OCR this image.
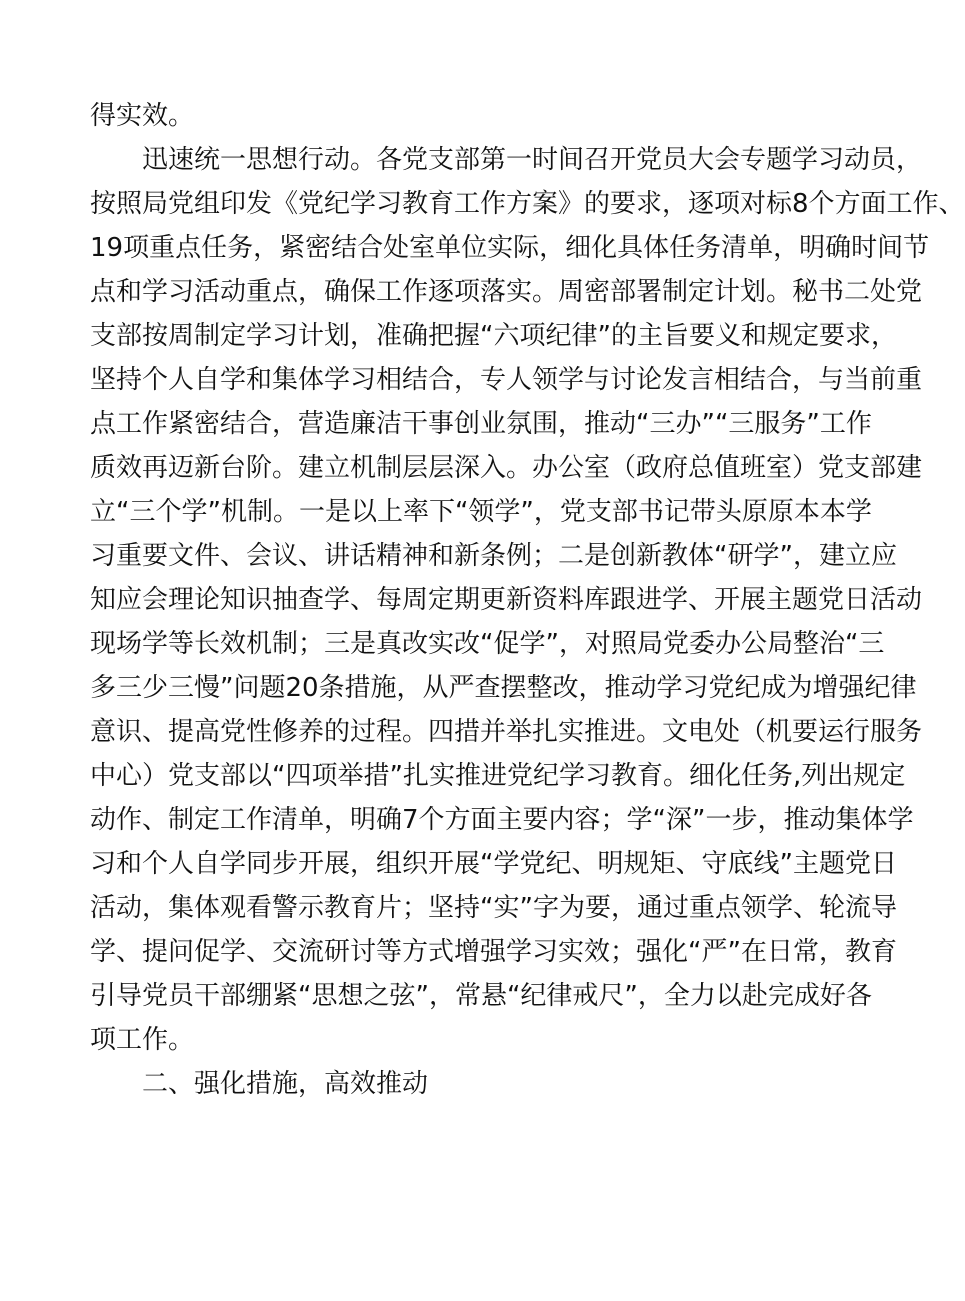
得实效。
迅速统一思想行动。各党支部第一时间召开党员大会专题学习动员，
按照局党组印发《党纪学习教育工作方案》的要求，逐项对标8个方面工作、
19项重点任务，紧密结合处室单位实际，细化具体任务清单，明确时间节
点和学习活动重点，确保工作逐项落实。周密部署制定计划。秘书二处党
支部按周制定学习计划，准确把握“六项纪律”的主旨要义和规定要求，
坚持个人自学和集体学习相结合，专人领学与讨论发言相结合，与当前重
点工作紧密结合，营造廉洁干事创业氛围，推动“三办”“三服务”工作
质效再迈新台阶。建立机制层层深入。办公室（政府总值班室）党支部建
立“三个学”机制。一是以上率下“领学”，党支部书记带头原原本本学
习重要文件、会议、讲话精神和新条例；二是创新教体“研学”，建立应
知应会理论知识抽查学、每周定期更新资料库跟进学、开展主题党日活动
现场学等长效机制；三是真改实改“促学”，对照局党委办公局整治“三
多三少三慢”问题20条措施，从严查摆整改，推动学习党纪成为增强纪律
意识、提高党性修养的过程。四措并举扎实推进。文电处（机要运行服务
中心）党支部以“四项举措”扎实推进党纪学习教育。细化任务,列出规定
动作、制定工作清单，明确7个方面主要内容；学“深”一步，推动集体学
习和个人自学同步开展，组织开展“学党纪、明规矩、守底线”主题党日
活动，集体观看警示教育片；坚持“实”字为要，通过重点领学、轮流导
学、提问促学、交流研讨等方式增强学习实效；强化“严”在日常，教育
引导党员干部绷紧“思想之弦”，常悬“纪律戒尺”，全力以赴完成好各
项工作。
二、强化措施，高效推动
